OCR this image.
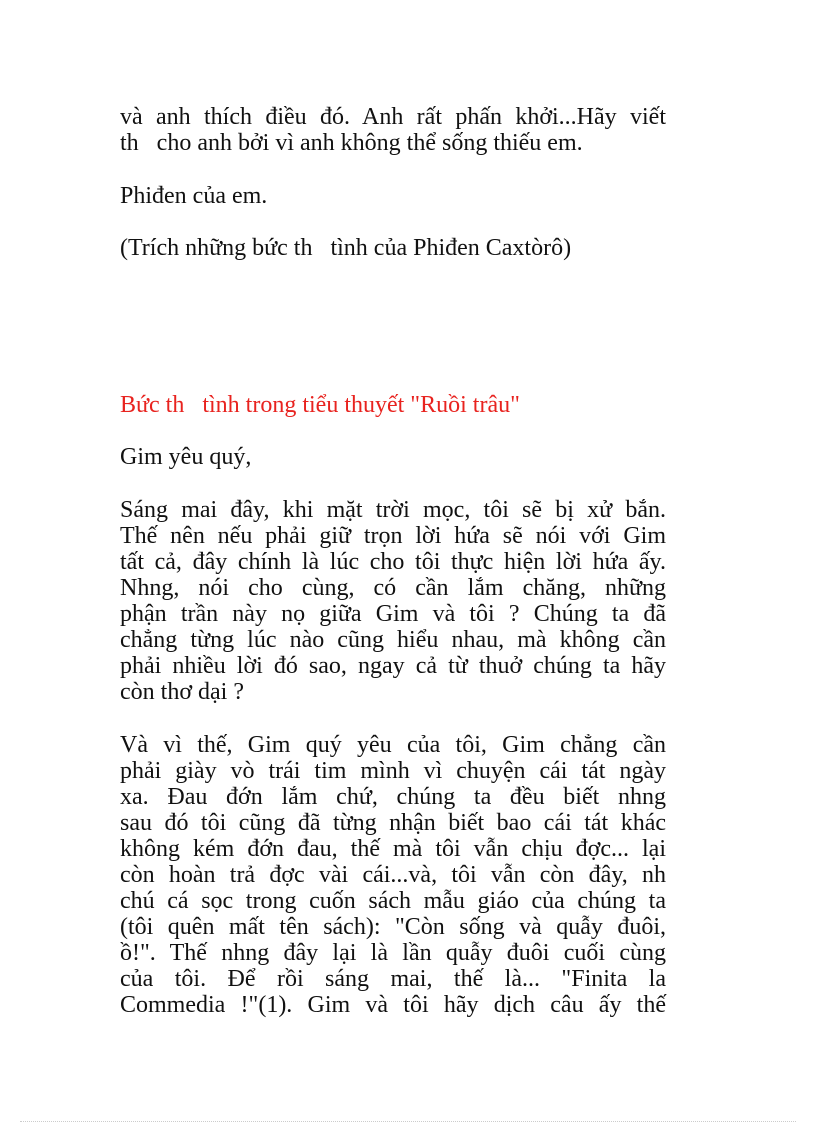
và anh thích điều đó. Anh rất phấn khởi...Hãy viết
th   cho anh bởi vì anh không thể sống thiếu em.
Phiđen của em.
(Trích những bức th   tình của Phiđen Caxtòrô)
Bức th   tình trong tiểu thuyết "Ruồi trâu"
Gim yêu quý,
Sáng mai đây, khi mặt trời mọc, tôi sẽ bị xử bắn.
Thế nên nếu phải giữ trọn lời hứa sẽ nói với Gim
tất cả, đây chính là lúc cho tôi thực hiện lời hứa ấy.
Nhng, nói cho cùng, có cần lắm chăng, những
phận trần này nọ giữa Gim và tôi ? Chúng ta đã
chẳng từng lúc nào cũng hiểu nhau, mà không cần
phải nhiều lời đó sao, ngay cả từ thuở chúng ta hãy
còn thơ dại ?
Và vì thế, Gim quý yêu của tôi, Gim chẳng cần
phải giày vò trái tim mình vì chuyện cái tát ngày
xa. Đau đớn lắm chứ, chúng ta đều biết nhng
sau đó tôi cũng đã từng nhận biết bao cái tát khác
không kém đớn đau, thế mà tôi vẫn chịu đợc... lại
còn hoàn trả đợc vài cái...và, tôi vẫn còn đây, nh
chú cá sọc trong cuốn sách mẫu giáo của chúng ta
(tôi quên mất tên sách): "Còn sống và quẫy đuôi,
ồ!". Thế nhng đây lại là lần quẫy đuôi cuối cùng
của tôi. Để rồi sáng mai, thế là... "Finita la
Commedia !"(1). Gim và tôi hãy dịch câu ấy thế
